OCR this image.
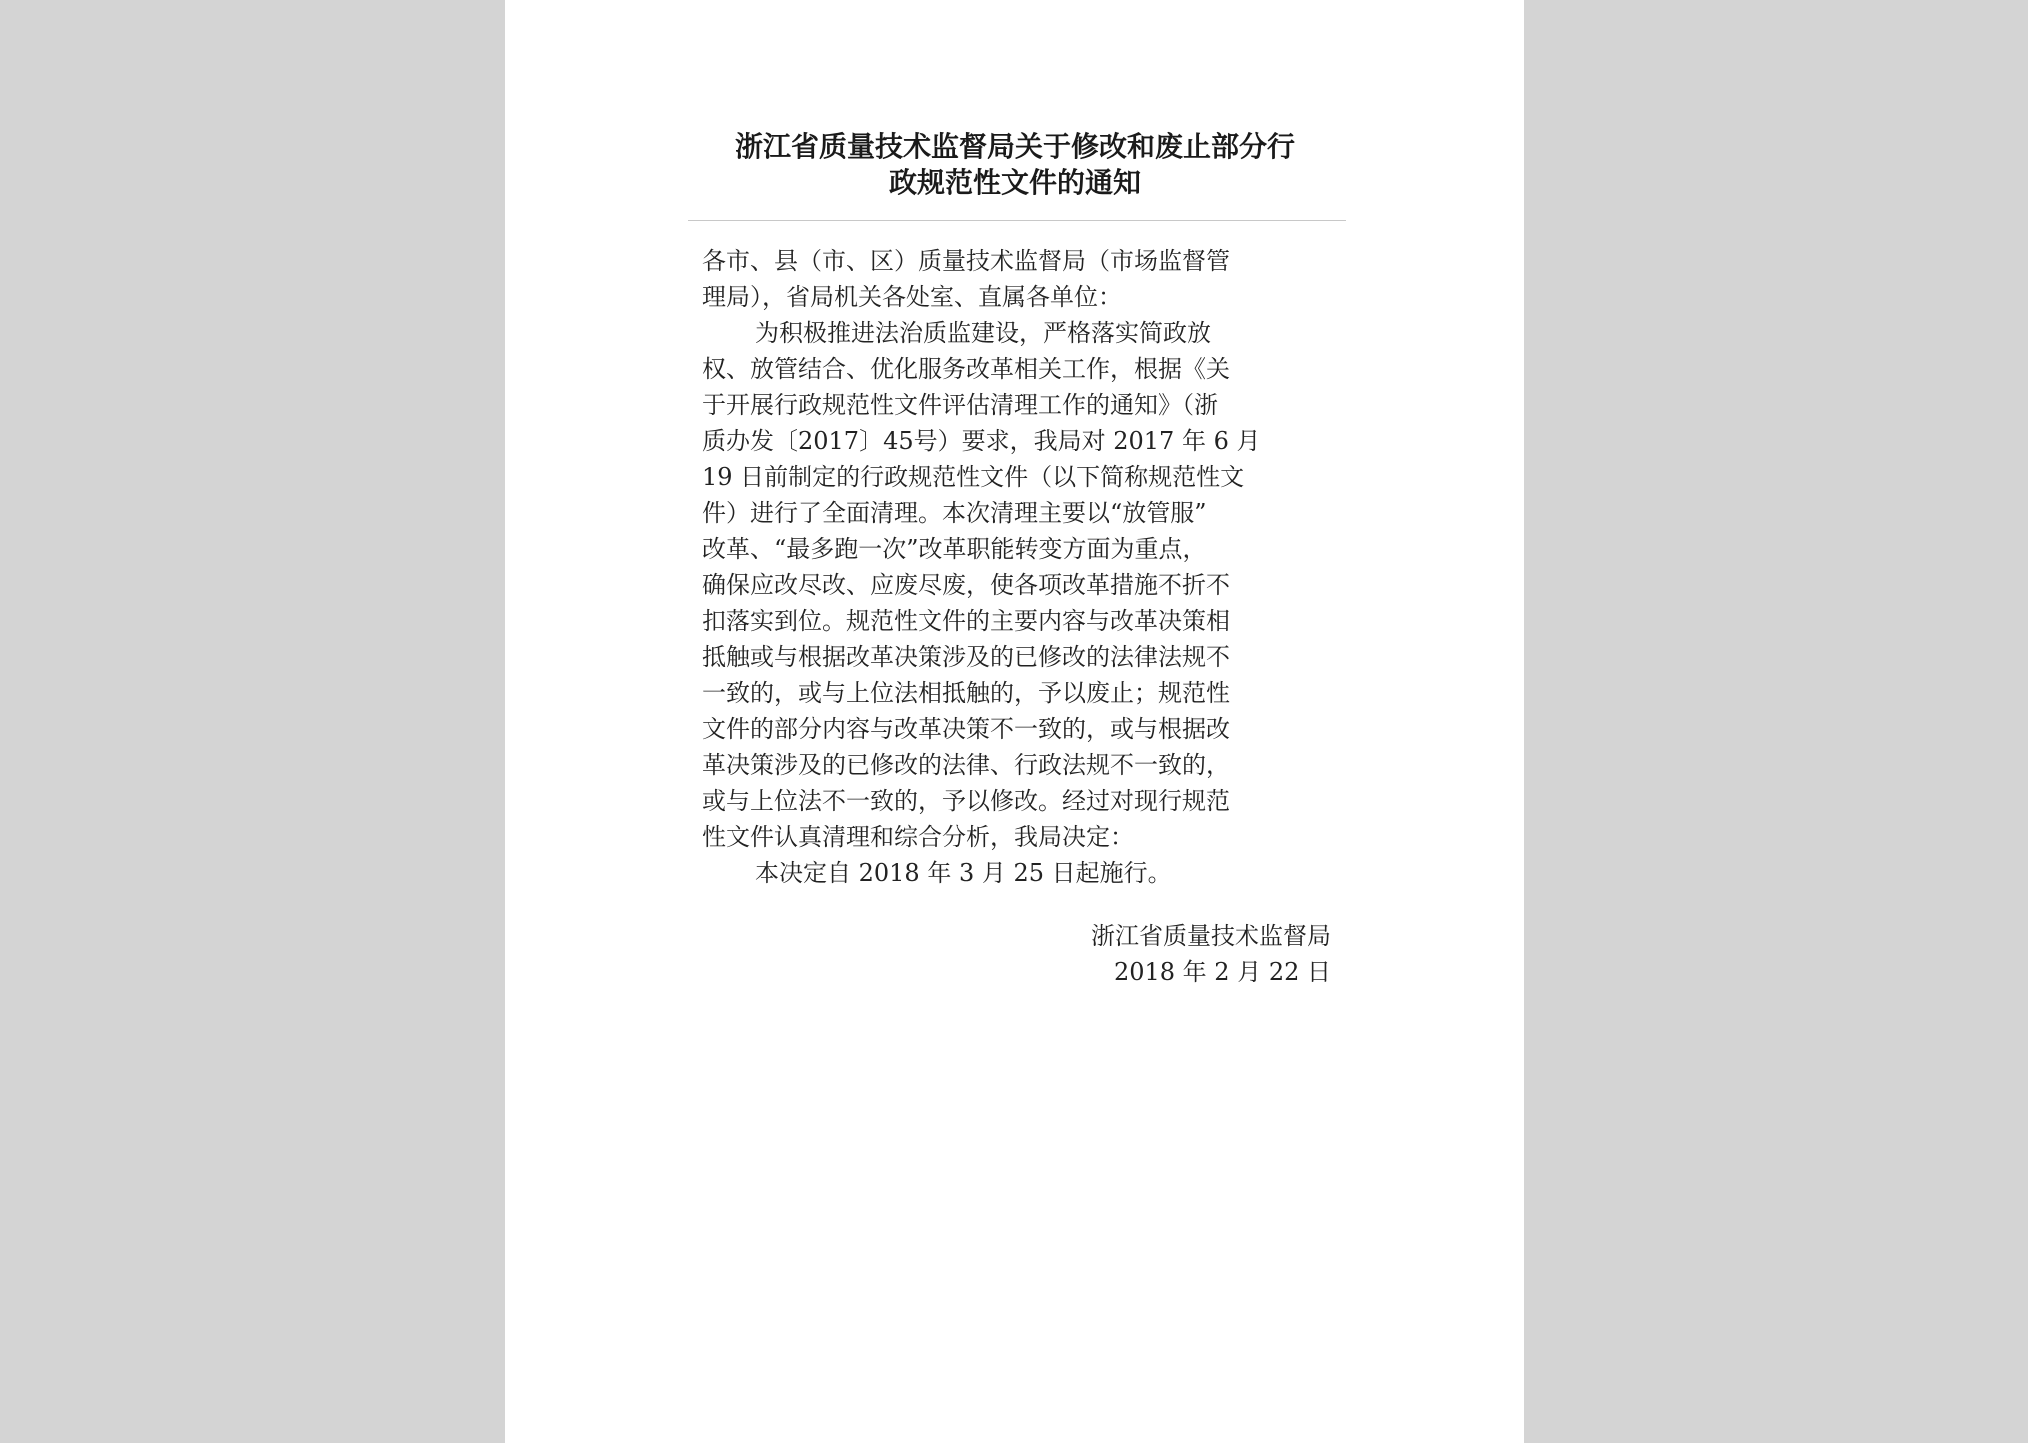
浙江省质量技术监督局关于修改和废止部分行
政规范性文件的通知
各市、县（市、区）质量技术监督局（市场监督管
理局），省局机关各处室、直属各单位：
为积极推进法治质监建设，严格落实简政放
权、放管结合、优化服务改革相关工作，根据《关
于开展行政规范性文件评估清理工作的通知》（浙
质办发〔2017〕45号）要求，我局对 2017 年 6 月
19 日前制定的行政规范性文件（以下简称规范性文
件）进行了全面清理。本次清理主要以“放管服”
改革、“最多跑一次”改革职能转变方面为重点，
确保应改尽改、应废尽废，使各项改革措施不折不
扣落实到位。规范性文件的主要内容与改革决策相
抵触或与根据改革决策涉及的已修改的法律法规不
一致的，或与上位法相抵触的，予以废止；规范性
文件的部分内容与改革决策不一致的，或与根据改
革决策涉及的已修改的法律、行政法规不一致的，
或与上位法不一致的，予以修改。经过对现行规范
性文件认真清理和综合分析，我局决定：
本决定自 2018 年 3 月 25 日起施行。
浙江省质量技术监督局
2018 年 2 月 22 日
